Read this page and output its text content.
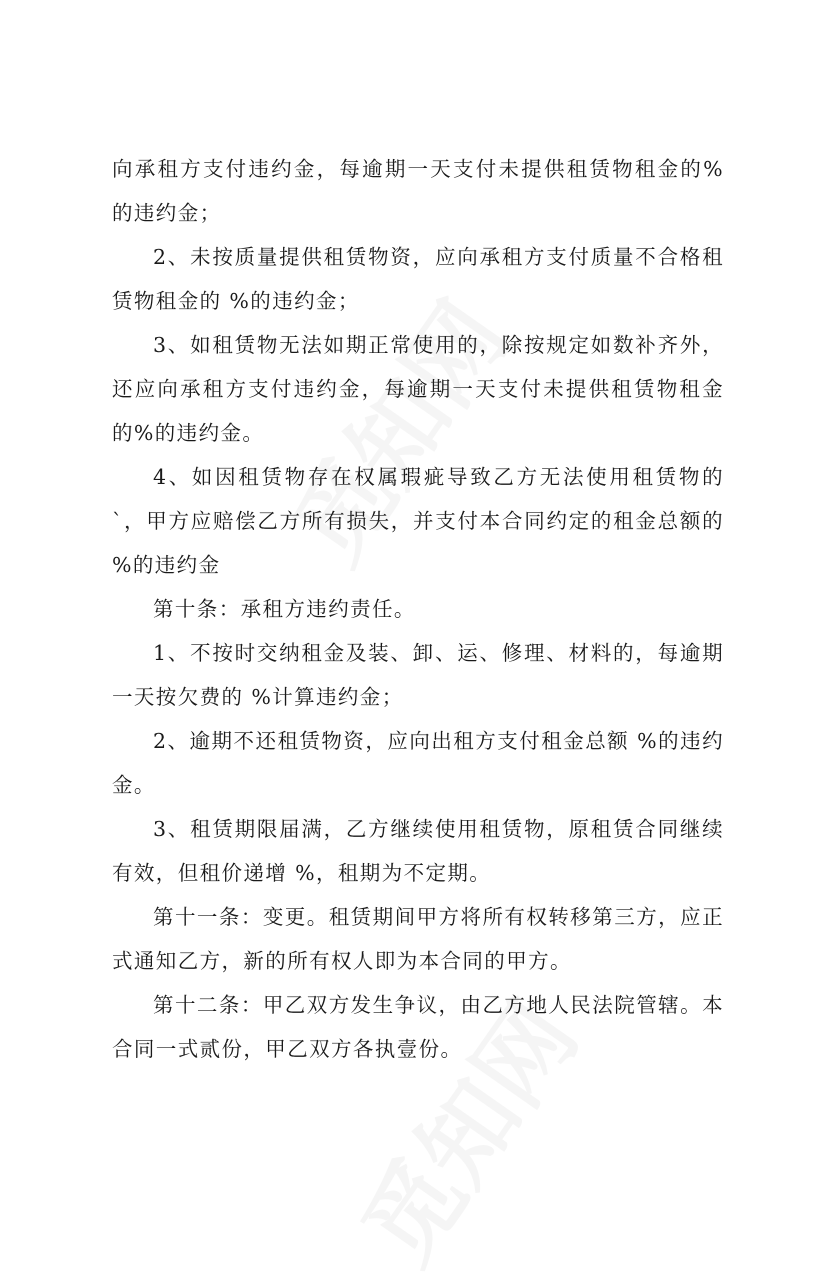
向承租方支付违约金，每逾期一天支付未提供租赁物租金的%的违约金；

2、未按质量提供租赁物资，应向承租方支付质量不合格租赁物租金的 %的违约金；

3、如租赁物无法如期正常使用的，除按规定如数补齐外，还应向承租方支付违约金，每逾期一天支付未提供租赁物租金的%的违约金。

4、如因租赁物存在权属瑕疵导致乙方无法使用租赁物的`，甲方应赔偿乙方所有损失，并支付本合同约定的租金总额的 %的违约金

第十条：承租方违约责任。

1、不按时交纳租金及装、卸、运、修理、材料的，每逾期一天按欠费的 %计算违约金；

2、逾期不还租赁物资，应向出租方支付租金总额 %的违约金。

3、租赁期限届满，乙方继续使用租赁物，原租赁合同继续有效，但租价递增 %，租期为不定期。

第十一条：变更。租赁期间甲方将所有权转移第三方，应正式通知乙方，新的所有权人即为本合同的甲方。

第十二条：甲乙双方发生争议，由乙方地人民法院管辖。本合同一式贰份，甲乙双方各执壹份。
